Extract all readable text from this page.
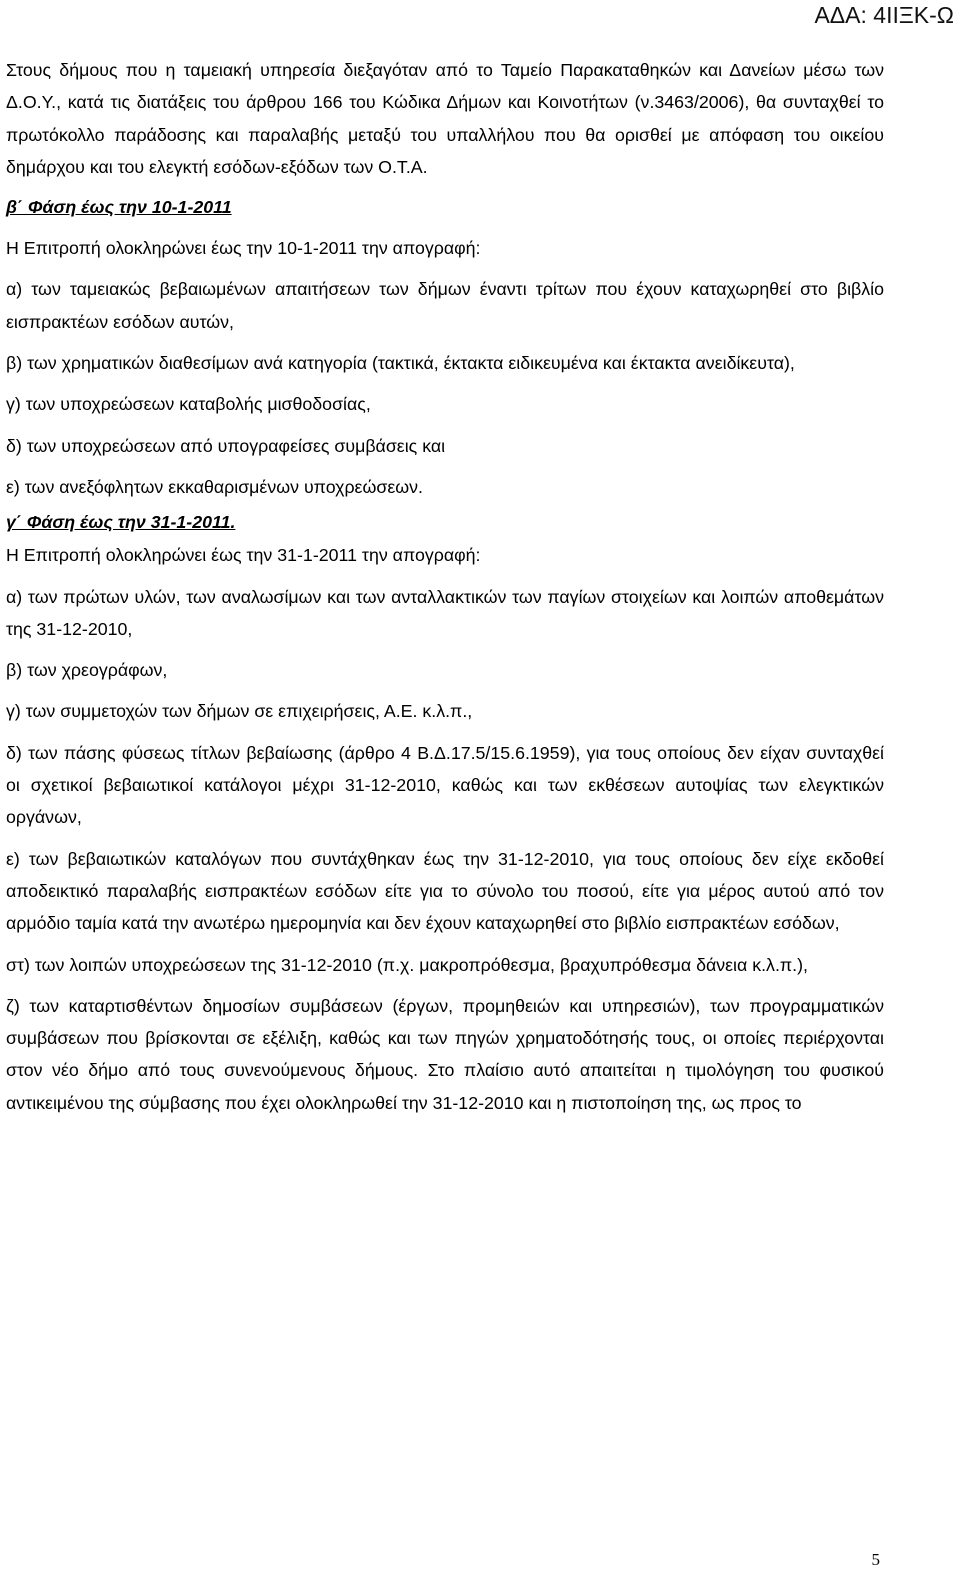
ΑΔΑ: 4ΙΙΞΚ-Ω

Στους δήμους που η ταμειακή υπηρεσία διεξαγόταν από το Ταμείο Παρακαταθηκών και Δανείων μέσω των Δ.Ο.Υ., κατά τις διατάξεις του άρθρου 166 του Κώδικα Δήμων και Κοινοτήτων (ν.3463/2006), θα συνταχθεί το πρωτόκολλο παράδοσης και παραλαβής μεταξύ του υπαλλήλου που θα ορισθεί με απόφαση του οικείου δημάρχου και του ελεγκτή εσόδων-εξόδων των Ο.Τ.Α.

β΄ Φάση έως την 10-1-2011

Η Επιτροπή ολοκληρώνει έως την 10-1-2011 την απογραφή:

α) των ταμειακώς βεβαιωμένων απαιτήσεων των δήμων έναντι τρίτων που έχουν καταχωρηθεί στο βιβλίο εισπρακτέων εσόδων αυτών,

β) των χρηματικών διαθεσίμων ανά κατηγορία (τακτικά, έκτακτα ειδικευμένα και έκτακτα ανειδίκευτα),

γ) των υποχρεώσεων καταβολής μισθοδοσίας,

δ) των υποχρεώσεων από υπογραφείσες συμβάσεις και

ε) των ανεξόφλητων εκκαθαρισμένων υποχρεώσεων.

γ΄ Φάση έως την 31-1-2011.

Η Επιτροπή ολοκληρώνει έως την 31-1-2011 την απογραφή:

α) των πρώτων υλών, των αναλωσίμων και των ανταλλακτικών των παγίων στοιχείων και λοιπών αποθεμάτων της 31-12-2010,

β) των χρεογράφων,

γ) των συμμετοχών των δήμων σε επιχειρήσεις, Α.Ε. κ.λ.π.,

δ) των πάσης φύσεως τίτλων βεβαίωσης (άρθρο 4 Β.Δ.17.5/15.6.1959), για τους οποίους δεν είχαν συνταχθεί οι σχετικοί βεβαιωτικοί κατάλογοι μέχρι 31-12-2010, καθώς και των εκθέσεων αυτοψίας των ελεγκτικών οργάνων,

ε) των βεβαιωτικών καταλόγων που συντάχθηκαν έως την 31-12-2010, για τους οποίους δεν είχε εκδοθεί αποδεικτικό παραλαβής εισπρακτέων εσόδων είτε για το σύνολο του ποσού, είτε για μέρος αυτού από τον αρμόδιο ταμία κατά την ανωτέρω ημερομηνία και δεν έχουν καταχωρηθεί στο βιβλίο εισπρακτέων εσόδων,

στ) των λοιπών υποχρεώσεων της 31-12-2010 (π.χ. μακροπρόθεσμα, βραχυπρόθεσμα δάνεια κ.λ.π.),

ζ) των καταρτισθέντων δημοσίων συμβάσεων (έργων, προμηθειών και υπηρεσιών), των προγραμματικών συμβάσεων που βρίσκονται σε εξέλιξη, καθώς και των πηγών χρηματοδότησής τους, οι οποίες περιέρχονται στον νέο δήμο από τους συνενούμενους δήμους. Στο πλαίσιο αυτό απαιτείται η τιμολόγηση του φυσικού αντικειμένου της σύμβασης που έχει ολοκληρωθεί την 31-12-2010 και η πιστοποίηση της, ως προς το

5
